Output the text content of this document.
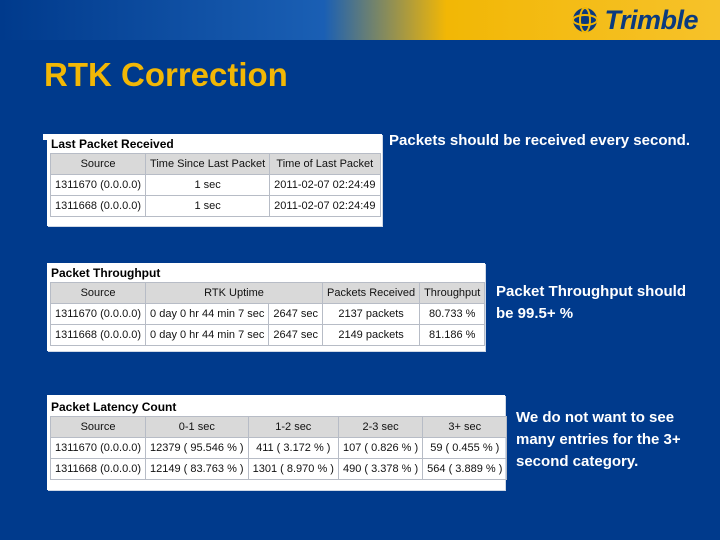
Trimble
RTK Correction
Last Packet Received
Source	Time Since Last Packet	Time of Last Packet
1311670 (0.0.0.0)	1 sec	2011-02-07 02:24:49
1311668 (0.0.0.0)	1 sec	2011-02-07 02:24:49
Packets should be received every second.
Packet Throughput
Source	RTK Uptime		Packets Received	Throughput
1311670 (0.0.0.0)	0 day 0 hr 44 min 7 sec	2647 sec	2137 packets	80.733 %
1311668 (0.0.0.0)	0 day 0 hr 44 min 7 sec	2647 sec	2149 packets	81.186 %
Packet Throughput should be 99.5+ %
Packet Latency Count
Source	0-1 sec	1-2 sec	2-3 sec	3+ sec
1311670 (0.0.0.0)	12379 ( 95.546 % )	411 ( 3.172 % )	107 ( 0.826 % )	59 ( 0.455 % )
1311668 (0.0.0.0)	12149 ( 83.763 % )	1301 ( 8.970 % )	490 ( 3.378 % )	564 ( 3.889 % )
We do not want to see many entries for the 3+ second category.
